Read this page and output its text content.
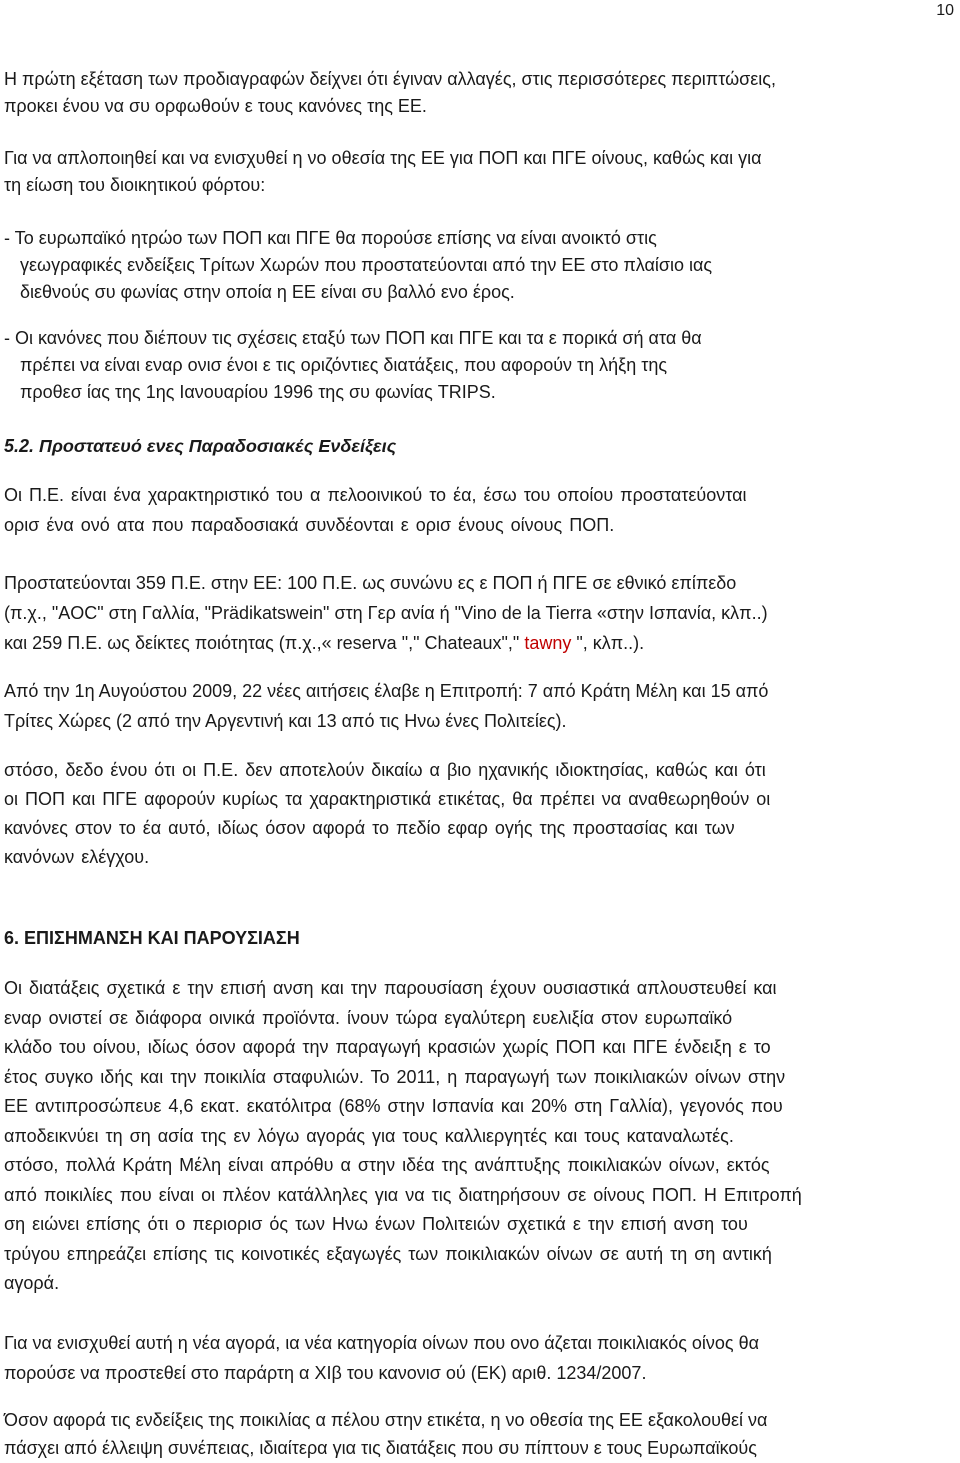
10
Η πρώτη εξέταση των προδιαγραφών δείχνει ότι έγιναν αλλαγές, στις περισσότερες περιπτώσεις,
προκει ένου να συ ορφωθούν ε τους κανόνες της ΕΕ.
Για να απλοποιηθεί και να ενισχυθεί η νο οθεσία της ΕΕ για ΠΟΠ και ΠΓΕ οίνους, καθώς και για
τη είωση του διοικητικού φόρτου:
- Το ευρωπαϊκό ητρώο των ΠΟΠ και ΠΓΕ θα πορούσε επίσης να είναι ανοικτό στις
γεωγραφικές ενδείξεις Τρίτων Χωρών που προστατεύονται από την ΕΕ στο πλαίσιο ιας
διεθνούς συ φωνίας στην οποία η ΕΕ είναι συ βαλλό ενο έρος.
- Οι κανόνες που διέπουν τις σχέσεις εταξύ των ΠΟΠ και ΠΓΕ και τα ε πορικά σή ατα θα
πρέπει να είναι εναρ ονισ ένοι ε τις οριζόντιες διατάξεις, που αφορούν τη λήξη της
προθεσ ίας της 1ης Ιανουαρίου 1996 της συ φωνίας TRIPS.
5.2. Προστατευό ενες Παραδοσιακές Ενδείξεις
Οι Π.Ε. είναι ένα χαρακτηριστικό του α πελοοινικού το έα, έσω του οποίου προστατεύονται
ορισ ένα ονό ατα που παραδοσιακά συνδέονται ε ορισ ένους οίνους ΠΟΠ.
Προστατεύονται 359 Π.Ε. στην ΕΕ: 100 Π.Ε. ως συνώνυ ες ε ΠΟΠ ή ΠΓΕ σε εθνικό επίπεδο
(π.χ., "AOC" στη Γαλλία, "Prädikatswein" στη Γερ ανία ή "Vino de la Tierra «στην Ισπανία, κλπ..)
και 259 Π.Ε. ως δείκτες ποιότητας (π.χ.,« reserva "," Chateaux"," tawny ", κλπ..).
Από την 1η Αυγούστου 2009, 22 νέες αιτήσεις έλαβε η Επιτροπή: 7 από Κράτη Μέλη και 15 από
Τρίτες Χώρες (2 από την Αργεντινή και 13 από τις Ηνω ένες Πολιτείες).
στόσο, δεδο ένου ότι οι Π.Ε. δεν αποτελούν δικαίω α βιο ηχανικής ιδιοκτησίας, καθώς και ότι
οι ΠΟΠ και ΠΓΕ αφορούν κυρίως τα χαρακτηριστικά ετικέτας, θα πρέπει να αναθεωρηθούν οι
κανόνες στον το έα αυτό, ιδίως όσον αφορά το πεδίο εφαρ ογής της προστασίας και των
κανόνων ελέγχου.
6. ΕΠΙΣΗΜΑΝΣΗ ΚΑΙ ΠΑΡΟΥΣΙΑΣΗ
Οι διατάξεις σχετικά ε την επισή ανση και την παρουσίαση έχουν ουσιαστικά απλουστευθεί και
εναρ ονιστεί σε διάφορα οινικά προϊόντα. ίνουν τώρα εγαλύτερη ευελιξία στον ευρωπαϊκό
κλάδο του οίνου, ιδίως όσον αφορά την παραγωγή κρασιών χωρίς ΠΟΠ και ΠΓΕ ένδειξη ε το
έτος συγκο ιδής και την ποικιλία σταφυλιών. Το 2011, η παραγωγή των ποικιλιακών οίνων στην
ΕΕ αντιπροσώπευε 4,6 εκατ. εκατόλιτρα (68% στην Ισπανία και 20% στη Γαλλία), γεγονός που
αποδεικνύει τη ση ασία της εν λόγω αγοράς για τους καλλιεργητές και τους καταναλωτές.
στόσο, πολλά Κράτη Μέλη είναι απρόθυ α στην ιδέα της ανάπτυξης ποικιλιακών οίνων, εκτός
από ποικιλίες που είναι οι πλέον κατάλληλες για να τις διατηρήσουν σε οίνους ΠΟΠ. Η Επιτροπή
ση ειώνει επίσης ότι ο περιορισ ός των Ηνω ένων Πολιτειών σχετικά ε την επισή ανση του
τρύγου επηρεάζει επίσης τις κοινοτικές εξαγωγές των ποικιλιακών οίνων σε αυτή τη ση αντική
αγορά.
Για να ενισχυθεί αυτή η νέα αγορά, ια νέα κατηγορία οίνων που ονο άζεται ποικιλιακός οίνος θα
πορούσε να προστεθεί στο παράρτη α XIβ του κανονισ ού (ΕΚ) αριθ. 1234/2007.
Όσον αφορά τις ενδείξεις της ποικιλίας α πέλου στην ετικέτα, η νο οθεσία της ΕΕ εξακολουθεί να
πάσχει από έλλειψη συνέπειας, ιδιαίτερα για τις διατάξεις που συ πίπτουν ε τους Ευρωπαϊκούς
